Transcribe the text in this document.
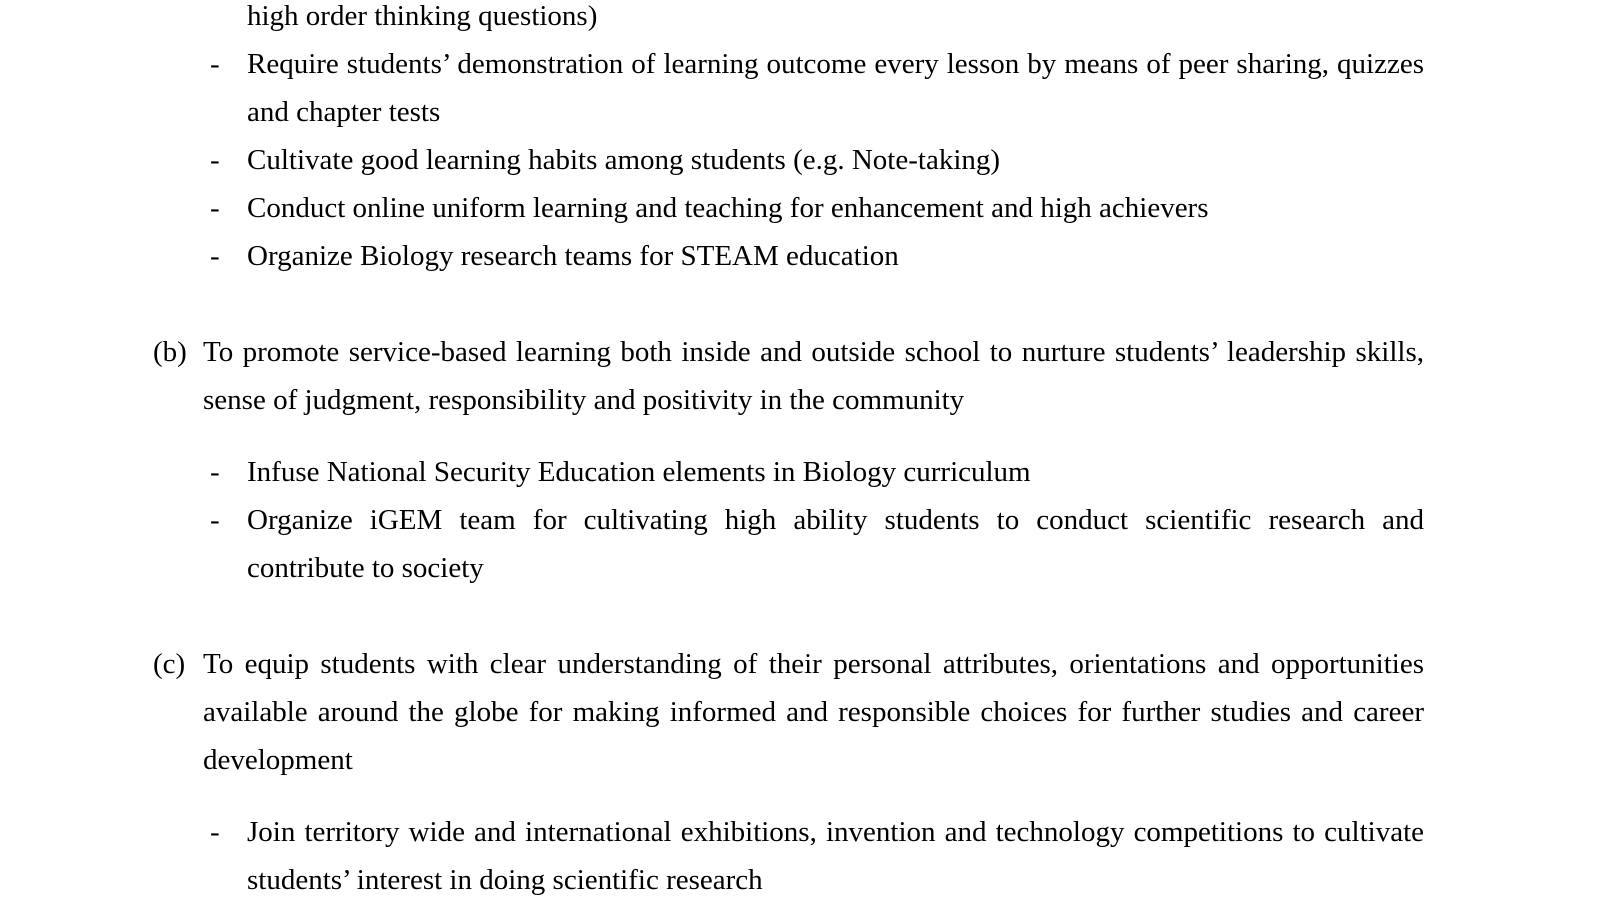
high order thinking questions)
- Require students’ demonstration of learning outcome every lesson by means of peer sharing, quizzes and chapter tests
- Cultivate good learning habits among students (e.g. Note-taking)
- Conduct online uniform learning and teaching for enhancement and high achievers
- Organize Biology research teams for STEAM education
(b) To promote service-based learning both inside and outside school to nurture students’ leadership skills, sense of judgment, responsibility and positivity in the community
- Infuse National Security Education elements in Biology curriculum
- Organize iGEM team for cultivating high ability students to conduct scientific research and contribute to society
(c) To equip students with clear understanding of their personal attributes, orientations and opportunities available around the globe for making informed and responsible choices for further studies and career development
- Join territory wide and international exhibitions, invention and technology competitions to cultivate students’ interest in doing scientific research
